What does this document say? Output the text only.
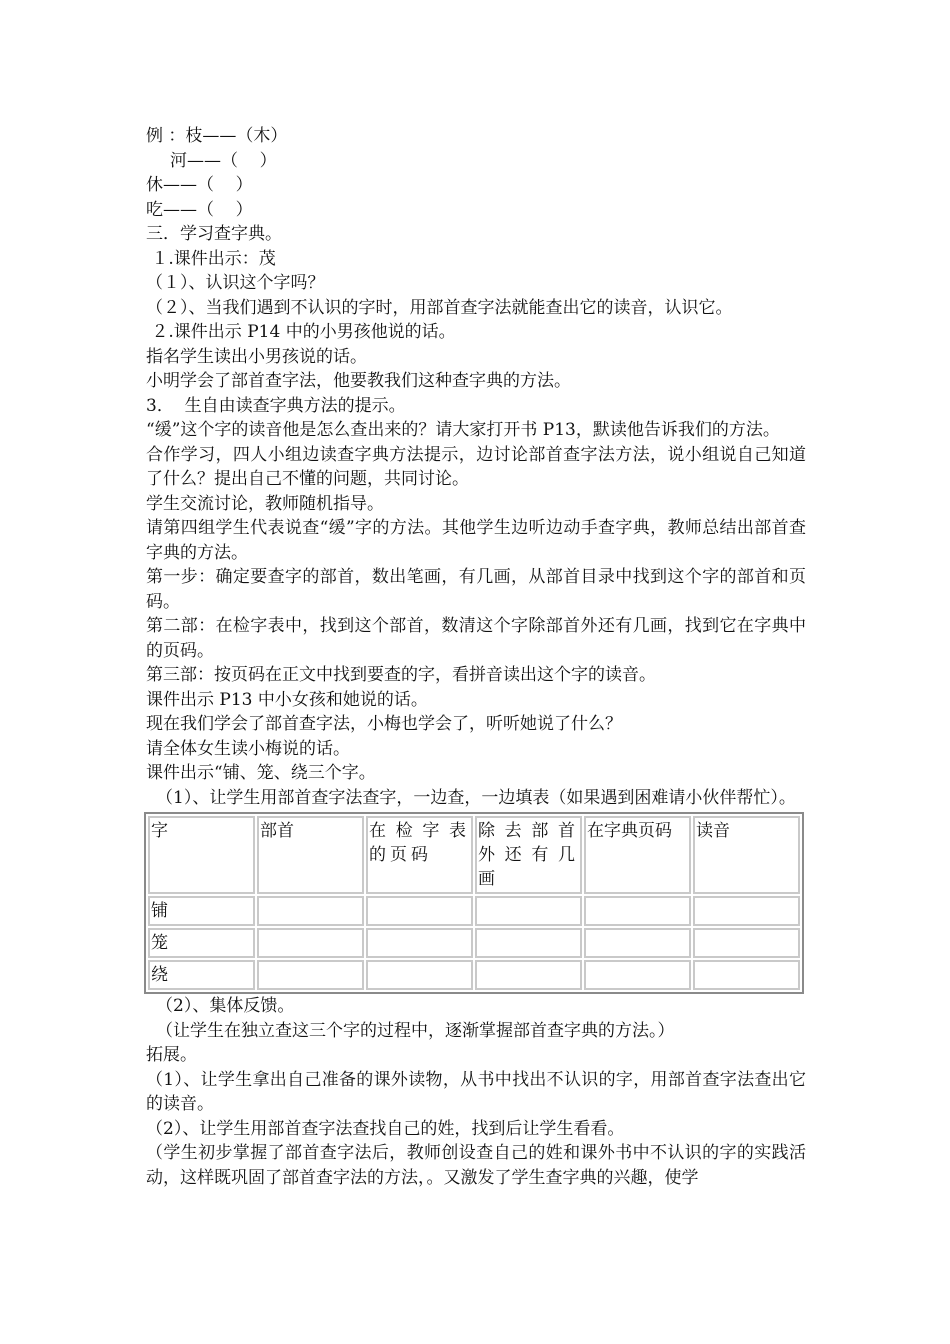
例 ：枝——（木）

河——（    ）

休——（    ）

吃——（    ）

三．学习查字典。

１.课件出示：茂

（１）、认识这个字吗？

（２）、当我们遇到不认识的字时，用部首查字法就能查出它的读音，认识它。

２.课件出示 P14 中的小男孩他说的话。

指名学生读出小男孩说的话。

小明学会了部首查字法，他要教我们这种查字典的方法。

3．  生自由读查字典方法的提示。

“缓”这个字的读音他是怎么查出来的？请大家打开书 P13，默读他告诉我们的方法。

合作学习，四人小组边读查字典方法提示，边讨论部首查字法方法，说小组说自己知道了什么？提出自己不懂的问题，共同讨论。

学生交流讨论，教师随机指导。

请第四组学生代表说查“缓”字的方法。其他学生边听边动手查字典，教师总结出部首查字典的方法。

第一步：确定要查字的部首，数出笔画，有几画，从部首目录中找到这个字的部首和页码。

第二部：在检字表中，找到这个部首，数清这个字除部首外还有几画，找到它在字典中的页码。

第三部：按页码在正文中找到要查的字，看拼音读出这个字的读音。

课件出示 P13 中小女孩和她说的话。

现在我们学会了部首查字法，小梅也学会了，听听她说了什么？

请全体女生读小梅说的话。

课件出示“铺、笼、绕三个字。

（1）、让学生用部首查字法查字，一边查，一边填表（如果遇到困难请小伙伴帮忙）。

字	部首	在检字表的页码	除去部首外还有几画	在字典页码	读音
铺					
笼					
绕					

（2）、集体反馈。

（让学生在独立查这三个字的过程中，逐渐掌握部首查字典的方法。）

拓展。

（1）、让学生拿出自己准备的课外读物，从书中找出不认识的字，用部首查字法查出它的读音。

（2）、让学生用部首查字法查找自己的姓，找到后让学生看看。

（学生初步掌握了部首查字法后，教师创设查自己的姓和课外书中不认识的字的实践活动，这样既巩固了部首查字法的方法，。又激发了学生查字典的兴趣，使学
